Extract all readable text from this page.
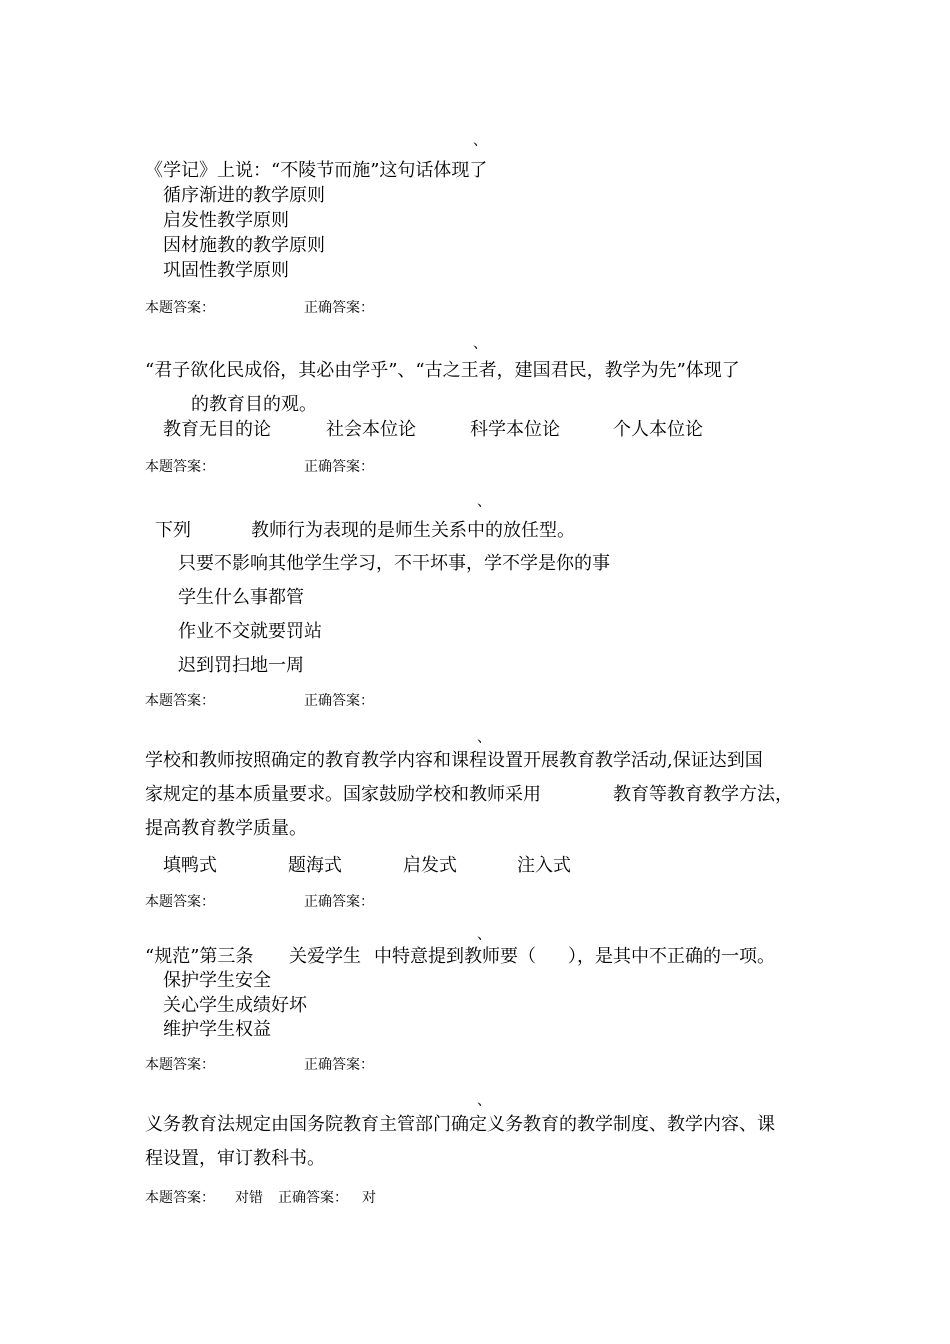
、
《学记》上说：“不陵节而施”这句话体现了
循序渐进的教学原则
启发性教学原则
因材施教的教学原则
巩固性教学原则
本题答案：	正确答案：
、
“君子欲化民成俗，其必由学乎”、“古之王者，建国君民，教学为先”体现了
的教育目的观。
教育无目的论	社会本位论	科学本位论	个人本位论
本题答案：	正确答案：
、
下列	教师行为表现的是师生关系中的放任型。
只要不影响其他学生学习，不干坏事，学不学是你的事
学生什么事都管
作业不交就要罚站
迟到罚扫地一周
本题答案：	正确答案：
、
学校和教师按照确定的教育教学内容和课程设置开展教育教学活动,保证达到国
家规定的基本质量要求。国家鼓励学校和教师采用	教育等教育教学方法，
提高教育教学质量。
填鸭式	题海式	启发式	注入式
本题答案：	正确答案：
、
“规范”第三条 关爱学生 中特意提到教师要（ ），是其中不正确的一项。
保护学生安全
关心学生成绩好坏
维护学生权益
本题答案：	正确答案：
、
义务教育法规定由国务院教育主管部门确定义务教育的教学制度、教学内容、课
程设置，审订教科书。
本题答案： 对错 正确答案： 对
